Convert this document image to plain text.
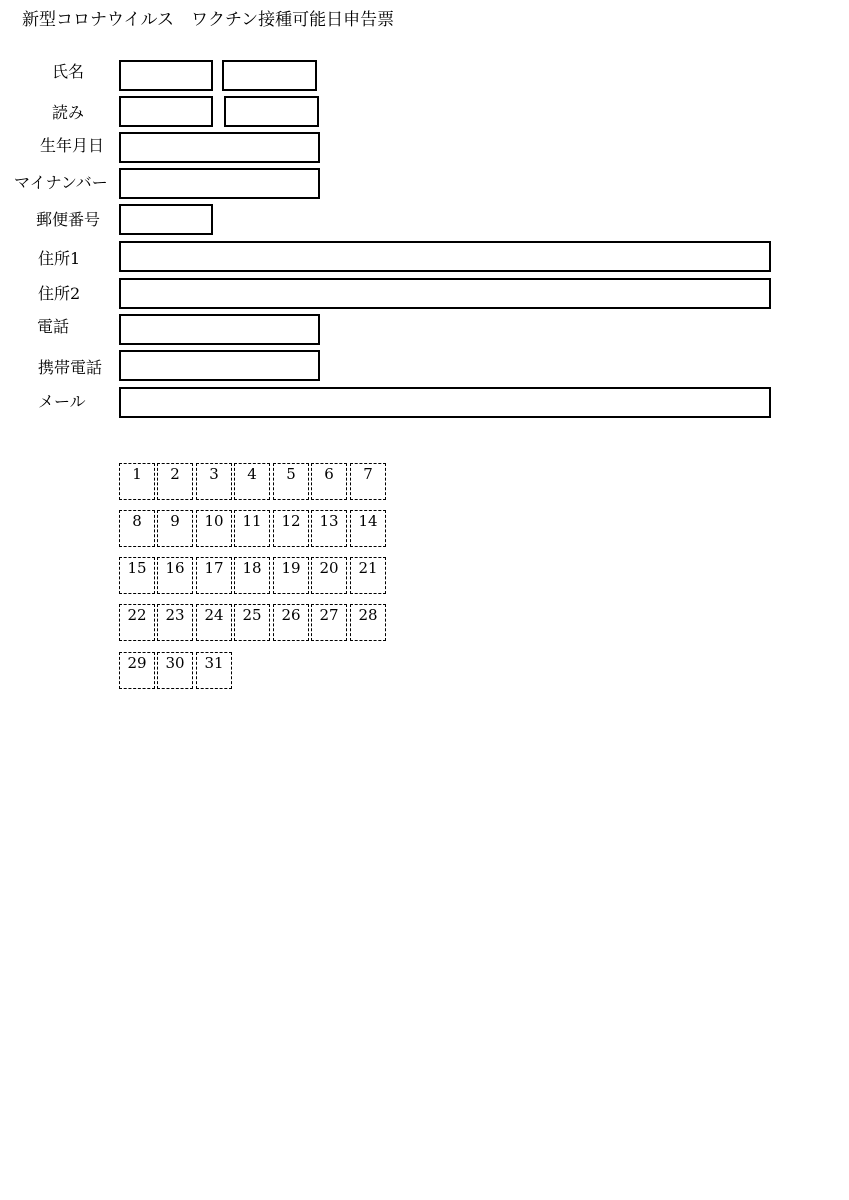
新型コロナウイルス　ワクチン接種可能日申告票
氏名
読み
生年月日
マイナンバー
郵便番号
住所1
住所2
電話
携帯電話
メール
1	2	3	4	5	6	7
8	9	10	11	12	13	14
15	16	17	18	19	20	21
22	23	24	25	26	27	28
29	30	31
